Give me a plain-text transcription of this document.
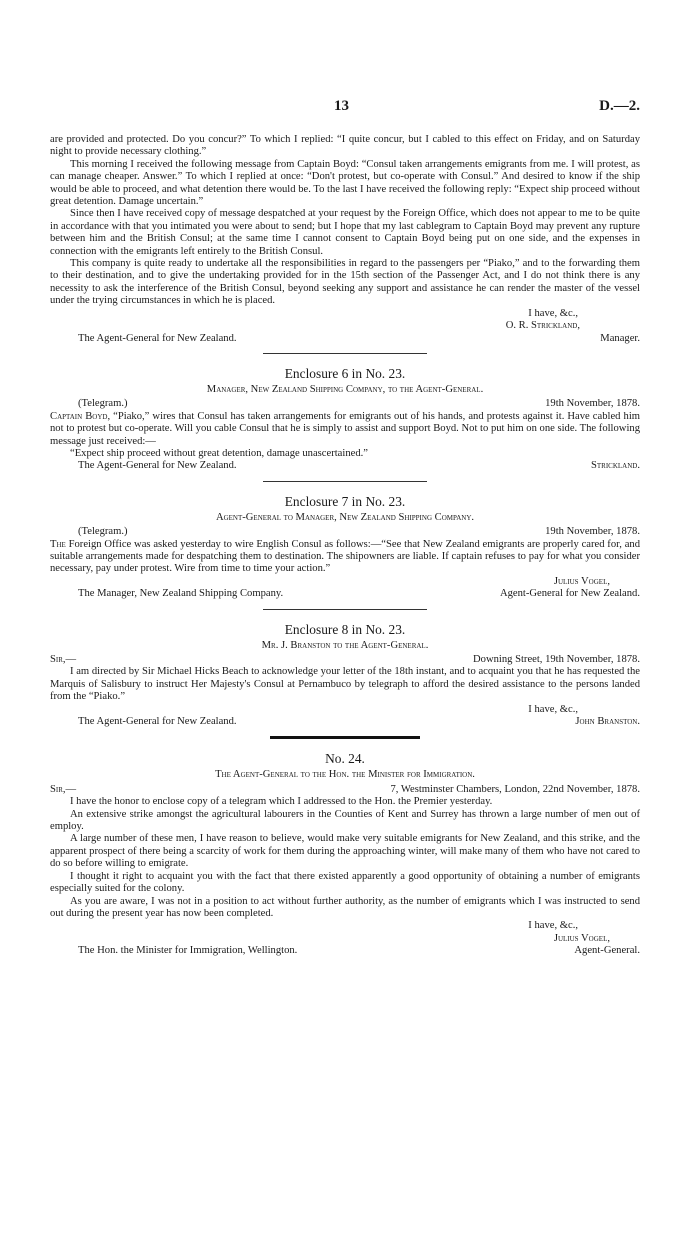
13	D.—2.

are provided and protected. Do you concur?” To which I replied: “I quite concur, but I cabled to this effect on Friday, and on Saturday night to provide necessary clothing.”

This morning I received the following message from Captain Boyd: “Consul taken arrangements emigrants from me. I will protest, as can manage cheaper. Answer.” To which I replied at once: “Don't protest, but co-operate with Consul.” And desired to know if the ship would be able to proceed, and what detention there would be. To the last I have received the following reply: “Expect ship proceed without great detention. Damage uncertain.”

Since then I have received copy of message despatched at your request by the Foreign Office, which does not appear to me to be quite in accordance with that you intimated you were about to send; but I hope that my last cablegram to Captain Boyd may prevent any rupture between him and the British Consul; at the same time I cannot consent to Captain Boyd being put on one side, and the expenses in connection with the emigrants left entirely to the British Consul.

This company is quite ready to undertake all the responsibilities in regard to the passengers per “Piako,” and to the forwarding them to their destination, and to give the undertaking provided for in the 15th section of the Passenger Act, and I do not think there is any necessity to ask the interference of the British Consul, beyond seeking any support and assistance he can render the master of the vessel under the trying circumstances in which he is placed.

I have, &c.,

O. R. Strickland,

The Agent-General for New Zealand.	Manager.
Enclosure 6 in No. 23.
Manager, New Zealand Shipping Company, to the Agent-General.
(Telegram.)	19th November, 1878.

Captain Boyd, “Piako,” wires that Consul has taken arrangements for emigrants out of his hands, and protests against it. Have cabled him not to protest but co-operate. Will you cable Consul that he is simply to assist and support Boyd. Not to put him on one side. The following message just received:—

“Expect ship proceed without great detention, damage unascertained.”

The Agent-General for New Zealand.	Strickland.
Enclosure 7 in No. 23.
Agent-General to Manager, New Zealand Shipping Company.
(Telegram.)	19th November, 1878.

The Foreign Office was asked yesterday to wire English Consul as follows:—“See that New Zealand emigrants are properly cared for, and suitable arrangements made for despatching them to destination. The shipowners are liable. If captain refuses to pay for what you consider necessary, pay under protest. Wire from time to time your action.”

Julius Vogel,

The Manager, New Zealand Shipping Company.	Agent-General for New Zealand.
Enclosure 8 in No. 23.
Mr. J. Branston to the Agent-General.
Sir,—	Downing Street, 19th November, 1878.

I am directed by Sir Michael Hicks Beach to acknowledge your letter of the 18th instant, and to acquaint you that he has requested the Marquis of Salisbury to instruct Her Majesty's Consul at Pernambuco by telegraph to afford the desired assistance to the persons landed from the “Piako.”

I have, &c.,

The Agent-General for New Zealand.	John Branston.
No. 24.
The Agent-General to the Hon. the Minister for Immigration.
Sir,—	7, Westminster Chambers, London, 22nd November, 1878.

I have the honor to enclose copy of a telegram which I addressed to the Hon. the Premier yesterday.

An extensive strike amongst the agricultural labourers in the Counties of Kent and Surrey has thrown a large number of men out of employ.

A large number of these men, I have reason to believe, would make very suitable emigrants for New Zealand, and this strike, and the apparent prospect of there being a scarcity of work for them during the approaching winter, will make many of them who have not cared to do so before willing to emigrate.

I thought it right to acquaint you with the fact that there existed apparently a good opportunity of obtaining a number of emigrants especially suited for the colony.

As you are aware, I was not in a position to act without further authority, as the number of emigrants which I was instructed to send out during the present year has now been completed.

I have, &c.,

Julius Vogel,

The Hon. the Minister for Immigration, Wellington.	Agent-General.
